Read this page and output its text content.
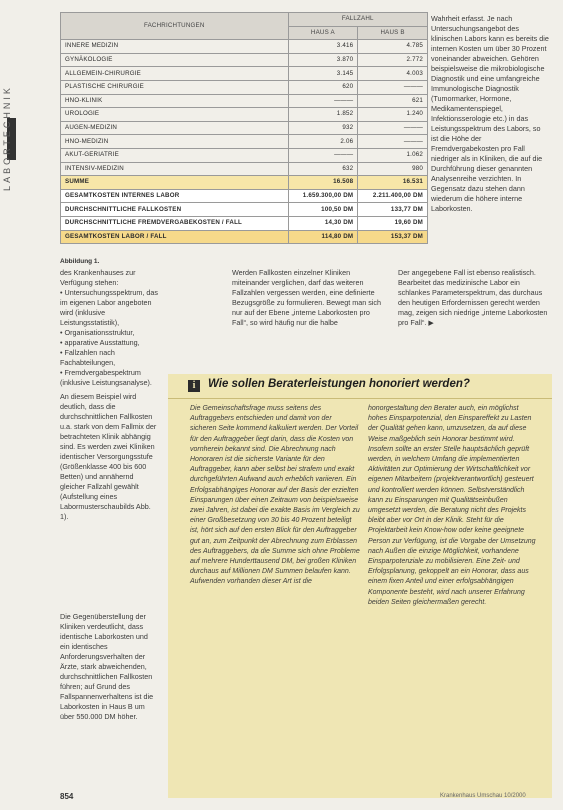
LABORTECHNIK
FACHRICHTUNGEN	FALLZAHL	
	HAUS A	HAUS B
INNERE MEDIZIN	3.416	4.785
GYNÄKOLOGIE	3.870	2.772
ALLGEMEIN-CHIRURGIE	3.145	4.003
PLASTISCHE CHIRURGIE	620	———
HNO-KLINIK	———	621
UROLOGIE	1.852	1.240
AUGEN-MEDIZIN	932	———
HNO-MEDIZIN	2.06	———
AKUT-GERIATRIE	———	1.062
INTENSIV-MEDIZIN	632	980
SUMME	16.508	16.531
GESAMTKOSTEN INTERNES LABOR	1.659.300,00 DM	2.211.400,00 DM
DURCHSCHNITTLICHE FALLKOSTEN	100,50 DM	133,77 DM
DURCHSCHNITTLICHE FREMDVERGABEKOSTEN / FALL	14,30 DM	19,60 DM
GESAMTKOSTEN LABOR / FALL	114,80 DM	153,37 DM
Abbildung 1.
Wahrheit erfasst. Je nach Untersuchungsangebot des klinischen Labors kann es bereits die internen Kosten um über 30 Prozent voneinander abweichen. Gehören beispielsweise die mikrobiologische Diagnostik und eine umfangreiche Immunologische Diagnostik (Tumormarker, Hormone, Medikamentenspiegel, Infektionsserologie etc.) in das Leistungsspektrum des Labors, so ist die Höhe der Fremdvergabekosten pro Fall niedriger als in Kliniken, die auf die Durchführung dieser genannten Analysenreihe verzichten. In Gegensatz dazu stehen dann wiederum die höhere interne Laborkosten.

des Krankenhauses zur Verfügung stehen:

• Untersuchungsspektrum, das im eigenen Labor angeboten wird (inklusive Leistungsstatistik),
• Organisationsstruktur,
• apparative Ausstattung,
• Fallzahlen nach Fachabteilungen,
• Fremdvergabespektrum (inklusive Leistungsanalyse).

An diesem Beispiel wird deutlich, dass die durchschnittlichen Fallkosten u.a. stark von dem Fallmix der betrachteten Klinik abhängig sind. Es werden zwei Kliniken identischer Versorgungsstufe (Größenklasse 400 bis 600 Betten) und annähernd gleicher Fallzahl gewählt (Aufstellung eines Labormusterschaubilds Abb. 1).

Die Gegenüberstellung der Kliniken verdeutlicht, dass identische Laborkosten und ein identisches Anforderungsverhalten der Ärzte, stark abweichenden, durchschnittlichen Fallkosten führen; auf Grund des Fallspannenverhaltens ist die Laborkosten in Haus B um über 550.000 DM höher.
Werden Fallkosten einzelner Kliniken miteinander verglichen, darf das weiteren Fallzahlen vergessen werden, eine definierte Bezugsgröße zu formulieren. Bewegt man sich nur auf der Ebene „interne Laborkosten pro Fall“, so wird häufig nur die halbe
Der angegebene Fall ist ebenso realistisch. Bearbeitet das medizinische Labor ein schlankes Parameterspektrum, das durchaus den heutigen Erfordernissen gerecht werden mag, zeigen sich niedrige „interne Laborkosten pro Fall“. ▶
i	Wie sollen Beraterleistungen honoriert werden?
Die Gemeinschaftsfrage muss seitens des Auftraggebers entschieden und damit von der sicheren Seite kommend kalkuliert werden. Der Vorteil für den Auftraggeber liegt darin, dass die Kosten von vornherein bekannt sind. Die Abrechnung nach Honoraren ist die sicherste Variante für den Auftraggeber, kann aber selbst bei strafem und exakt durchgeführten Aufwand auch erheblich variieren. Ein Erfolgsabhängiges Honorar auf der Basis der erzielten Einsparungen über einen Zeitraum von beispielsweise zwei Jahren, ist dabei die exakte Basis im Vergleich zu einer Großbesetzung von 30 bis 40 Prozent beteiligt ist, hört sich auf den ersten Blick für den Auftraggeber gut an, zum Zeitpunkt der Abrechnung zum Erblassen des Auftraggebers, da die Summe sich ohne Probleme auf mehrere Hunderttausend DM, bei großen Kliniken durchaus auf Millionen DM Summen belaufen kann. Aufwenden vorhanden dieser Art ist die
honorgestaltung den Berater auch, ein möglichst hohes Einsparpotenzial, den Einspareffekt zu Lasten der Qualität gehen kann, umzusetzen, da auf diese Weise maßgeblich sein Honorar bestimmt wird. Insofern sollte an erster Stelle hauptsächlich geprüft werden, in welchem Umfang die implementierten Aktivitäten zur Optimierung der Wirtschaftlichkeit vor eigenen Mitarbeitern (projektverantwortlich) gesteuert und kontrolliert werden können. Selbstverständlich kann zu Einsparungen mit Qualitätseinbußen umgesetzt werden, die Beratung nicht des Projekts bleibt aber vor Ort in der Klinik. Steht für die Projektarbeit kein Know-how oder keine geeignete Person zur Verfügung, ist die Vorgabe der Umsetzung nach Außen die einzige Möglichkeit, vorhandene Einsparpotenziale zu mobilisieren. Eine Zeit- und Erfolgsplanung, gekoppelt an ein Honorar, dass aus einem fixen Anteil und einer erfolgsabhängigen Komponente besteht, wird nach unserer Erfahrung beiden Seiten gleichermaßen gerecht.
854	Krankenhaus Umschau 10/2000
